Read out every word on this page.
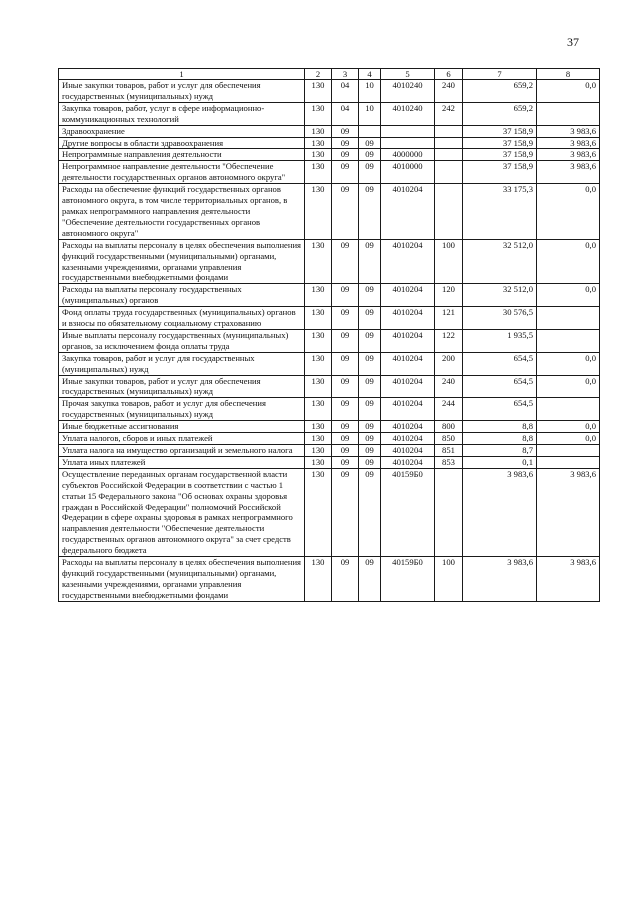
37
1	2	3	4	5	6	7	8
Иные закупки товаров, работ и услуг для обеспечения государственных (муниципальных) нужд	130	04	10	4010240	240	659,2	0,0
Закупка товаров, работ, услуг в сфере информационно-коммуникационных технологий	130	04	10	4010240	242	659,2	
Здравоохранение	130	09				37 158,9	3 983,6
Другие вопросы в области здравоохранения	130	09	09			37 158,9	3 983,6
Непрограммные направления деятельности	130	09	09	4000000		37 158,9	3 983,6
Непрограммное направление деятельности "Обеспечение деятельности государственных органов автономного округа"	130	09	09	4010000		37 158,9	3 983,6
Расходы на обеспечение функций государственных органов автономного округа, в том числе территориальных органов, в рамках непрограммного направления деятельности "Обеспечение деятельности государственных органов автономного округа"	130	09	09	4010204		33 175,3	0,0
Расходы на выплаты персоналу в целях обеспечения выполнения функций государственными (муниципальными) органами, казенными учреждениями, органами управления государственными внебюджетными фондами	130	09	09	4010204	100	32 512,0	0,0
Расходы на выплаты персоналу государственных (муниципальных) органов	130	09	09	4010204	120	32 512,0	0,0
Фонд оплаты труда государственных (муниципальных) органов и взносы по обязательному социальному страхованию	130	09	09	4010204	121	30 576,5	
Иные выплаты персоналу государственных (муниципальных) органов, за исключением фонда оплаты труда	130	09	09	4010204	122	1 935,5	
Закупка товаров, работ и услуг для государственных (муниципальных) нужд	130	09	09	4010204	200	654,5	0,0
Иные закупки товаров, работ и услуг для обеспечения государственных (муниципальных) нужд	130	09	09	4010204	240	654,5	0,0
Прочая закупка товаров, работ и услуг для обеспечения государственных (муниципальных) нужд	130	09	09	4010204	244	654,5	
Иные бюджетные ассигнования	130	09	09	4010204	800	8,8	0,0
Уплата налогов, сборов и иных платежей	130	09	09	4010204	850	8,8	0,0
Уплата налога на имущество организаций и земельного налога	130	09	09	4010204	851	8,7	
Уплата иных платежей	130	09	09	4010204	853	0,1	
Осуществление переданных органам государственной власти субъектов Российской Федерации в соответствии с частью 1 статьи 15 Федерального закона "Об основах охраны здоровья граждан в Российской Федерации" полномочий Российской Федерации в сфере охраны здоровья в рамках непрограммного направления деятельности "Обеспечение деятельности государственных органов автономного округа" за счет средств федерального бюджета	130	09	09	40159Б0		3 983,6	3 983,6
Расходы на выплаты персоналу в целях обеспечения выполнения функций государственными (муниципальными) органами, казенными учреждениями, органами управления государственными внебюджетными фондами	130	09	09	40159Б0	100	3 983,6	3 983,6
